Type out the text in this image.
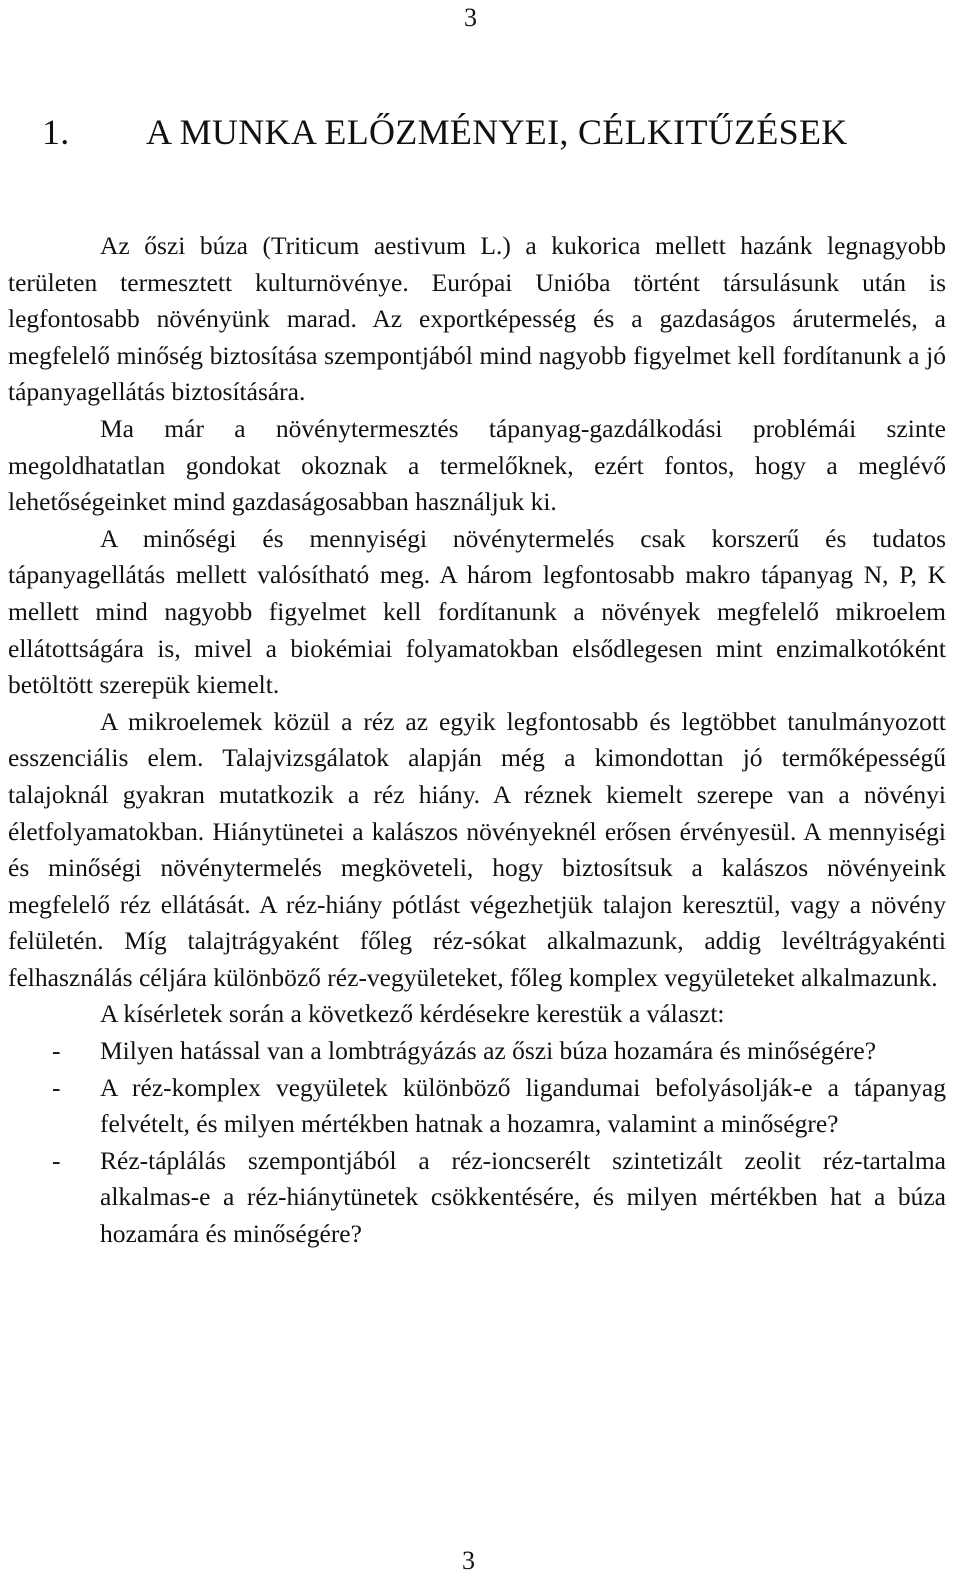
3
1. A MUNKA ELŐZMÉNYEI, CÉLKITŰZÉSEK

Az őszi búza (Triticum aestivum L.) a kukorica mellett hazánk legnagyobb területen termesztett kulturnövénye. Európai Unióba történt társulásunk után is legfontosabb növényünk marad. Az exportképesség és a gazdaságos árutermelés, a megfelelő minőség biztosítása szempontjából mind nagyobb figyelmet kell fordítanunk a jó tápanyagellátás biztosítására.

Ma már a növénytermesztés tápanyag-gazdálkodási problémái szinte megoldhatatlan gondokat okoznak a termelőknek, ezért fontos, hogy a meglévő lehetőségeinket mind gazdaságosabban használjuk ki.

A minőségi és mennyiségi növénytermelés csak korszerű és tudatos tápanyagellátás mellett valósítható meg. A három legfontosabb makro tápanyag N, P, K mellett mind nagyobb figyelmet kell fordítanunk a növények megfelelő mikroelem ellátottságára is, mivel a biokémiai folyamatokban elsődlegesen mint enzimalkotóként betöltött szerepük kiemelt.

A mikroelemek közül a réz az egyik legfontosabb és legtöbbet tanulmányozott esszenciális elem. Talajvizsgálatok alapján még a kimondottan jó termőképességű talajoknál gyakran mutatkozik a réz hiány. A réznek kiemelt szerepe van a növényi életfolyamatokban. Hiánytünetei a kalászos növényeknél erősen érvényesül. A mennyiségi és minőségi növénytermelés megköveteli, hogy biztosítsuk a kalászos növényeink megfelelő réz ellátását. A réz-hiány pótlást végezhetjük talajon keresztül, vagy a növény felületén. Míg talajtrágyaként főleg réz-sókat alkalmazunk, addig levéltrágyakénti felhasználás céljára különböző réz-vegyületeket, főleg komplex vegyületeket alkalmazunk.

A kísérletek során a következő kérdésekre kerestük a választ:

- Milyen hatással van a lombtrágyázás az őszi búza hozamára és minőségére?
- A réz-komplex vegyületek különböző ligandumai befolyásolják-e a tápanyag felvételt, és milyen mértékben hatnak a hozamra, valamint a minőségre?
- Réz-táplálás szempontjából a réz-ioncserélt szintetizált zeolit réz-tartalma alkalmas-e a réz-hiánytünetek csökkentésére, és milyen mértékben hat a búza hozamára és minőségére?
3
